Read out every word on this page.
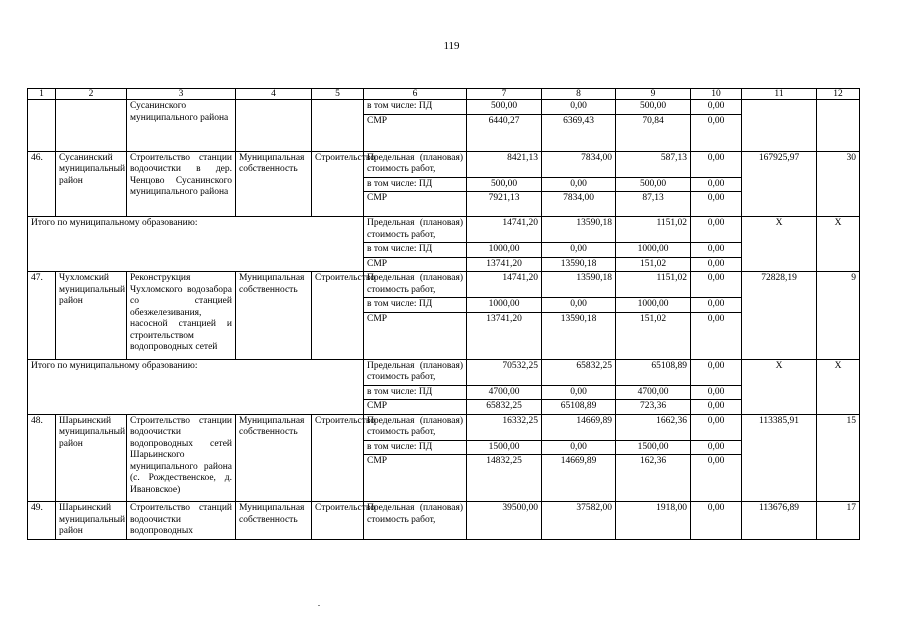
119
1	2	3	4	5	6	7	8	9	10	11	12
		Сусанинского муниципального района			в том числе: ПД	500,00	0,00	500,00	0,00		
					СМР	6440,27	6369,43	70,84	0,00		
46.	Сусанинский муниципальный район	Строительство станции водоочистки в дер. Ченцово Сусанинского муниципального района	Муниципальная собственность	Строительство	Предельная (плановая) стоимость работ,	8421,13	7834,00	587,13	0,00	167925,97	30
					в том числе: ПД	500,00	0,00	500,00	0,00		
					СМР	7921,13	7834,00	87,13	0,00		
Итого по муниципальному образованию:					Предельная (плановая) стоимость работ,	14741,20	13590,18	1151,02	0,00	X	X
					в том числе: ПД	1000,00	0,00	1000,00	0,00		
					СМР	13741,20	13590,18	151,02	0,00		
47.	Чухломский муниципальный район	Реконструкция Чухломского водозабора со станцией обезжелезивания, насосной станцией и строительством водопроводных сетей	Муниципальная собственность	Строительство	Предельная (плановая) стоимость работ,	14741,20	13590,18	1151,02	0,00	72828,19	9
					в том числе: ПД	1000,00	0,00	1000,00	0,00		
					СМР	13741,20	13590,18	151,02	0,00		
Итого по муниципальному образованию:					Предельная (плановая) стоимость работ,	70532,25	65832,25	65108,89	0,00	X	X
					в том числе: ПД	4700,00	0,00	4700,00	0,00		
					СМР	65832,25	65108,89	723,36	0,00		
48.	Шарьинский муниципальный район	Строительство станции водоочистки водопроводных сетей Шарьинского муниципального района (с. Рождественское, д. Ивановское)	Муниципальная собственность	Строительство	Предельная (плановая) стоимость работ,	16332,25	14669,89	1662,36	0,00	113385,91	15
					в том числе: ПД	1500,00	0,00	1500,00	0,00		
					СМР	14832,25	14669,89	162,36	0,00		
49.	Шарьинский муниципальный район	Строительство станций водоочистки водопроводных	Муниципальная собственность	Строительство	Предельная (плановая) стоимость работ,	39500,00	37582,00	1918,00	0,00	113676,89	17
